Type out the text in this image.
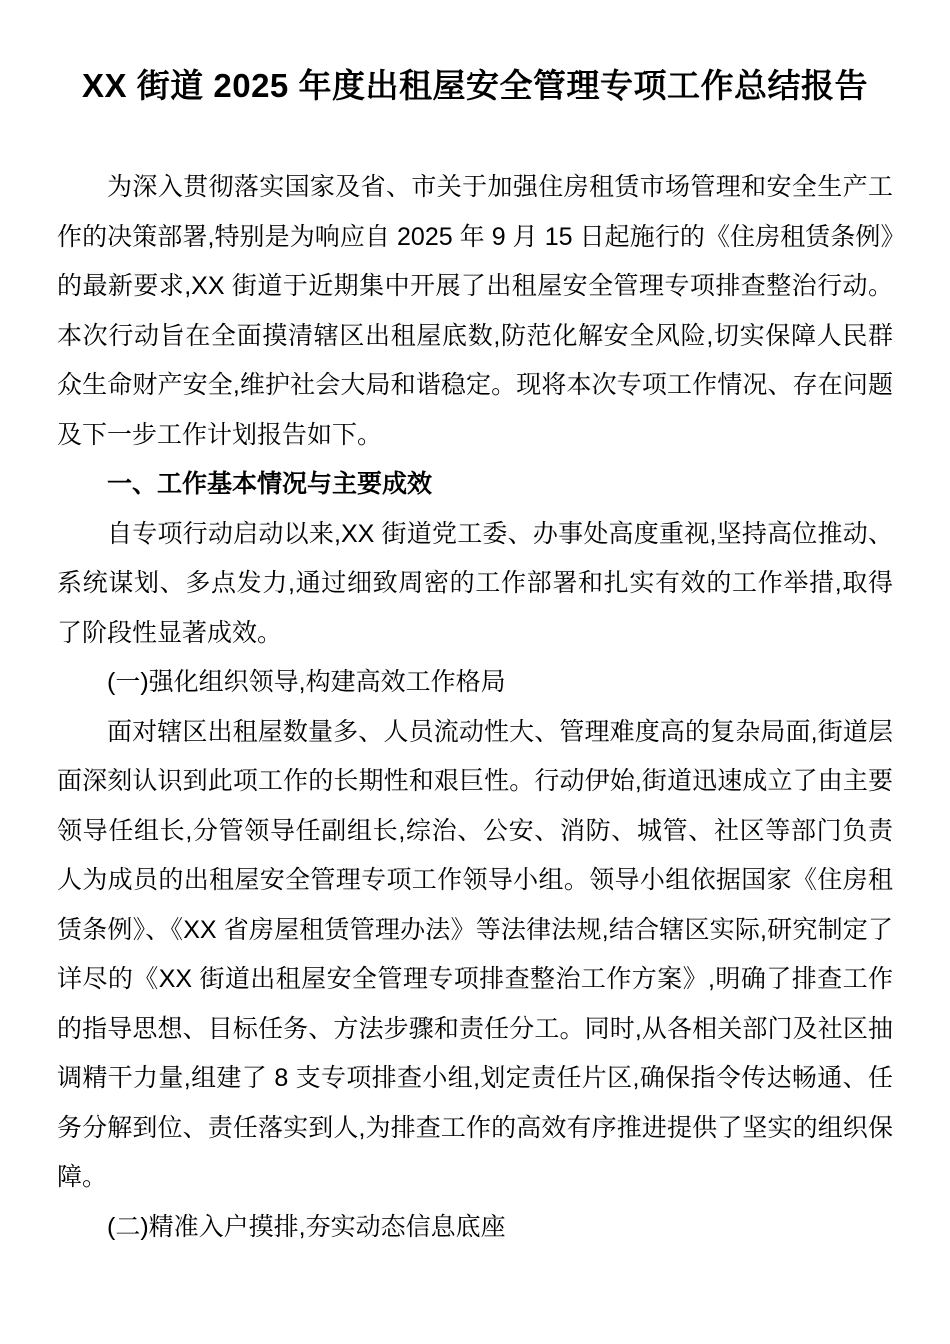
XX 街道 2025 年度出租屋安全管理专项工作总结报告

为深入贯彻落实国家及省、市关于加强住房租赁市场管理和安全生产工作的决策部署,特别是为响应自 2025 年 9 月 15 日起施行的《住房租赁条例》的最新要求,XX 街道于近期集中开展了出租屋安全管理专项排查整治行动。本次行动旨在全面摸清辖区出租屋底数,防范化解安全风险,切实保障人民群众生命财产安全,维护社会大局和谐稳定。现将本次专项工作情况、存在问题及下一步工作计划报告如下。

一、工作基本情况与主要成效

自专项行动启动以来,XX 街道党工委、办事处高度重视,坚持高位推动、系统谋划、多点发力,通过细致周密的工作部署和扎实有效的工作举措,取得了阶段性显著成效。

(一)强化组织领导,构建高效工作格局

面对辖区出租屋数量多、人员流动性大、管理难度高的复杂局面,街道层面深刻认识到此项工作的长期性和艰巨性。行动伊始,街道迅速成立了由主要领导任组长,分管领导任副组长,综治、公安、消防、城管、社区等部门负责人为成员的出租屋安全管理专项工作领导小组。领导小组依据国家《住房租赁条例》、《XX 省房屋租赁管理办法》等法律法规,结合辖区实际,研究制定了详尽的《XX 街道出租屋安全管理专项排查整治工作方案》,明确了排查工作的指导思想、目标任务、方法步骤和责任分工。同时,从各相关部门及社区抽调精干力量,组建了 8 支专项排查小组,划定责任片区,确保指令传达畅通、任务分解到位、责任落实到人,为排查工作的高效有序推进提供了坚实的组织保障。

(二)精准入户摸排,夯实动态信息底座
